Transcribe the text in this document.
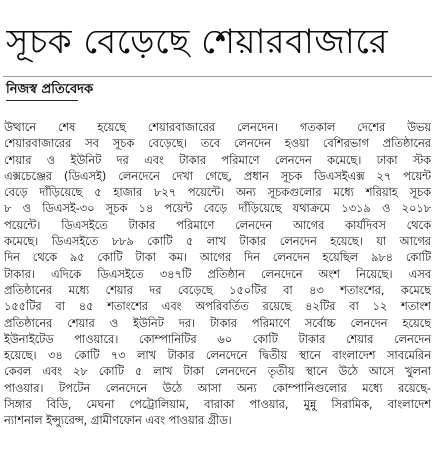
সূচক বেড়েছে শেয়ারবাজারে
নিজস্ব প্রতিবেদক
উত্থানে শেষ হয়েছে শেয়ারবাজারের লেনদেন। গতকাল দেশের উভয়
শেয়ারবাজারের সব সূচক বেড়েছে। তবে লেনদেন হওয়া বেশিরভাগ প্রতিষ্ঠানের
শেয়ার ও ইউনিট দর এবং টাকার পরিমাণে লেনদেন কমেছে। ঢাকা স্টক
এক্সচেঞ্জের (ডিএসই) লেনদেনে দেখা গেছে, প্রধান সূচক ডিএসইএক্স ২৭ পয়েন্ট
বেড়ে দাঁড়িয়েছে ৫ হাজার ৮২৭ পয়েন্টে। অন্য সূচকগুলোর মধ্যে শরিয়াহ সূচক
৮ ও ডিএসই-৩০ সূচক ১৪ পয়েন্ট বেড়ে দাঁড়িয়েছে যথাক্রমে ১৩১৯ ও ২০১৮
পয়েন্টে। ডিএসইতে টাকার পরিমাণে লেনদেন আগের কার্যদিবস থেকে
কমেছে। ডিএসইতে ৮৮৯ কোটি ৫ লাখ টাকার লেনদেন হয়েছে। যা আগের
দিন থেকে ৯৫ কোটি টাকা কম। আগের দিন লেনদেন হয়েছিল ৯৮৪ কোটি
টাকার। এদিকে ডিএসইতে ৩৪৭টি প্রতিষ্ঠান লেনদেনে অংশ নিয়েছে। এসব
প্রতিষ্ঠানের মধ্যে শেয়ার দর বেড়েছে ১৫০টির বা ৪৩ শতাংশের, কমেছে
১৫৫টির বা ৪৫ শতাংশের এবং অপরিবর্তিত রয়েছে ৪২টির বা ১২ শতাংশ
প্রতিষ্ঠানের শেয়ার ও ইউনিট দর। টাকার পরিমাণে সর্বোচ্চ লেনদেন হয়েছে
ইউনাইটেড পাওয়ারে। কোম্পানিটির ৬০ কোটি টাকার শেয়ার লেনদেন
হয়েছে। ৩৪ কোটি ৭৩ লাখ টাকার লেনদেনে দ্বিতীয় স্থানে বাংলাদেশ সাবমেরিন
কেবল এবং ২৮ কোটি ৫ লাখ টাকা লেনদেনে তৃতীয় স্থানে উঠে আসে খুলনা
পাওয়ার। টপটেন লেনদেনে উঠে আসা অন্য কোম্পানিগুলোর মধ্যে রয়েছে-
সিঙ্গার বিডি, মেঘনা পেট্রোলিয়াম, বারাকা পাওয়ার, মুন্নু সিরামিক, বাংলাদেশ
ন্যাশনাল ইন্স্যুরেন্স, গ্রামীণফোন এবং পাওয়ার গ্রীড।
